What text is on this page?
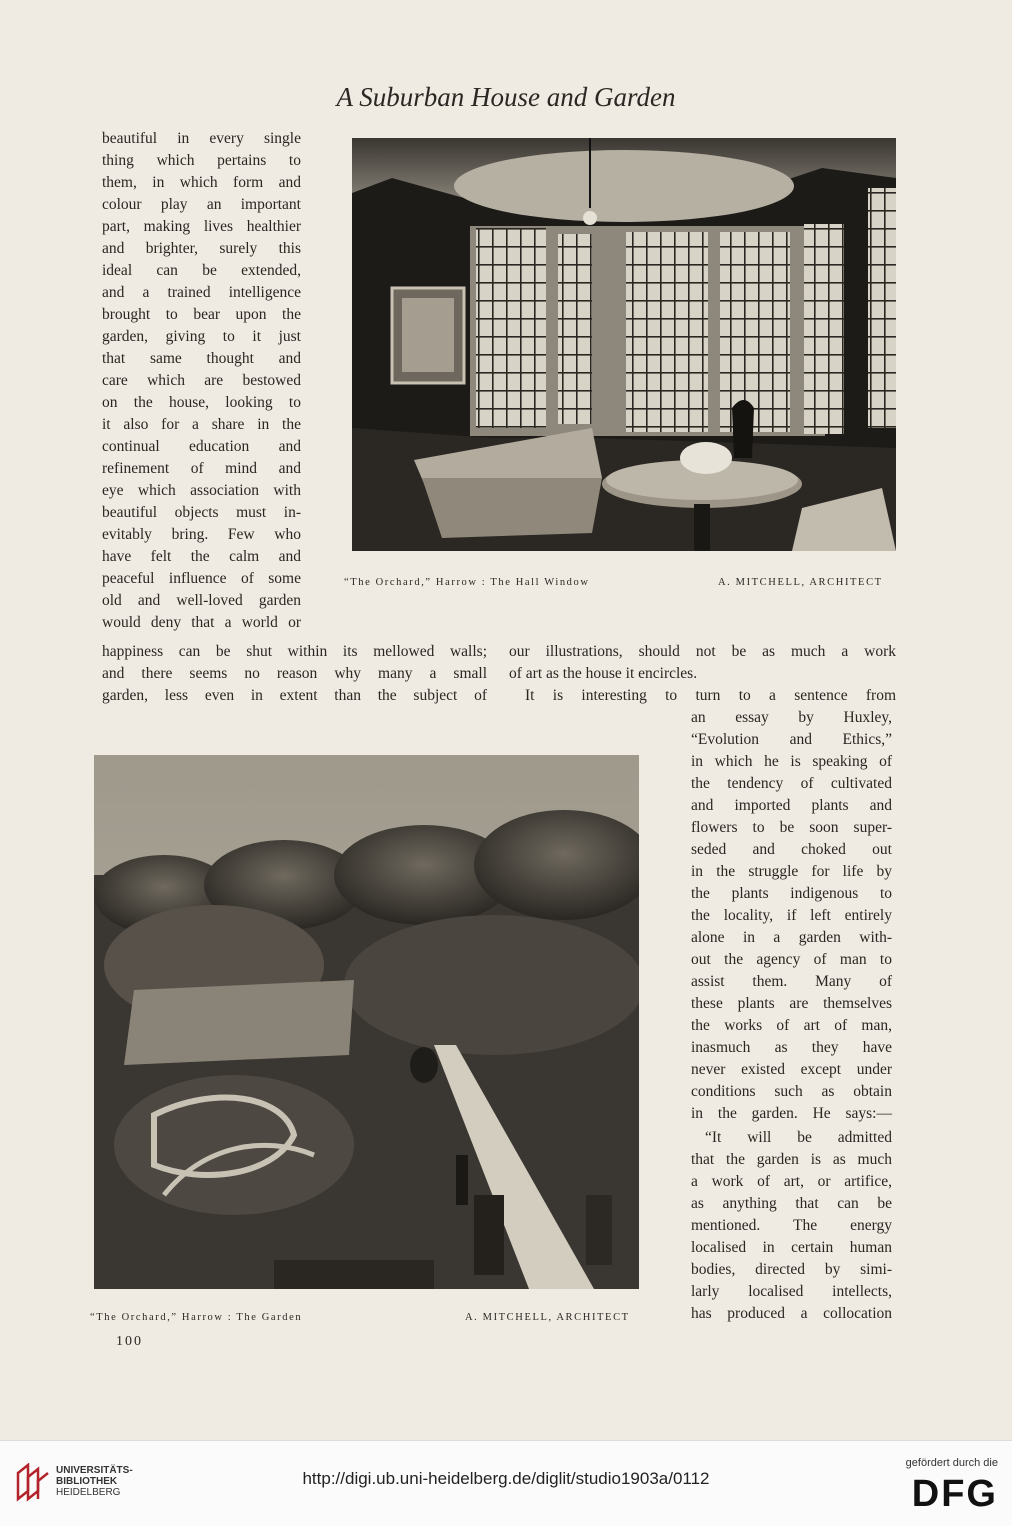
A Suburban House and Garden
“The Orchard,” Harrow : The Hall Window	A. MITCHELL, ARCHITECT
“The Orchard,” Harrow : The Garden	A. MITCHELL, ARCHITECT
beautiful in every single
thing which pertains to
them, in which form and
colour play an important
part, making lives healthier
and brighter, surely this
ideal can be extended,
and a trained intelligence
brought to bear upon the
garden, giving to it just
that same thought and
care which are bestowed
on the house, looking to
it also for a share in the
continual education and
refinement of mind and
eye which association with
beautiful objects must in-
evitably bring. Few who
have felt the calm and
peaceful influence of some
old and well-loved garden
would deny that a world or
happiness can be shut within its mellowed walls;
and there seems no reason why many a small
garden, less even in extent than the subject of
our illustrations, should not be as much a work
of art as the house it encircles.
It is interesting to turn to a sentence from
an essay by Huxley,
“Evolution and Ethics,”
in which he is speaking of
the tendency of cultivated
and imported plants and
flowers to be soon super-
seded and choked out
in the struggle for life by
the plants indigenous to
the locality, if left entirely
alone in a garden with-
out the agency of man to
assist them. Many of
these plants are themselves
the works of art of man,
inasmuch as they have
never existed except under
conditions such as obtain
in the garden. He says:—
“It will be admitted
that the garden is as much
a work of art, or artifice,
as anything that can be
mentioned. The energy
localised in certain human
bodies, directed by simi-
larly localised intellects,
has produced a collocation
100
UNIVERSITÄTS-
BIBLIOTHEK
HEIDELBERG
http://digi.ub.uni-heidelberg.de/diglit/studio1903a/0112
gefördert durch die
DFG
